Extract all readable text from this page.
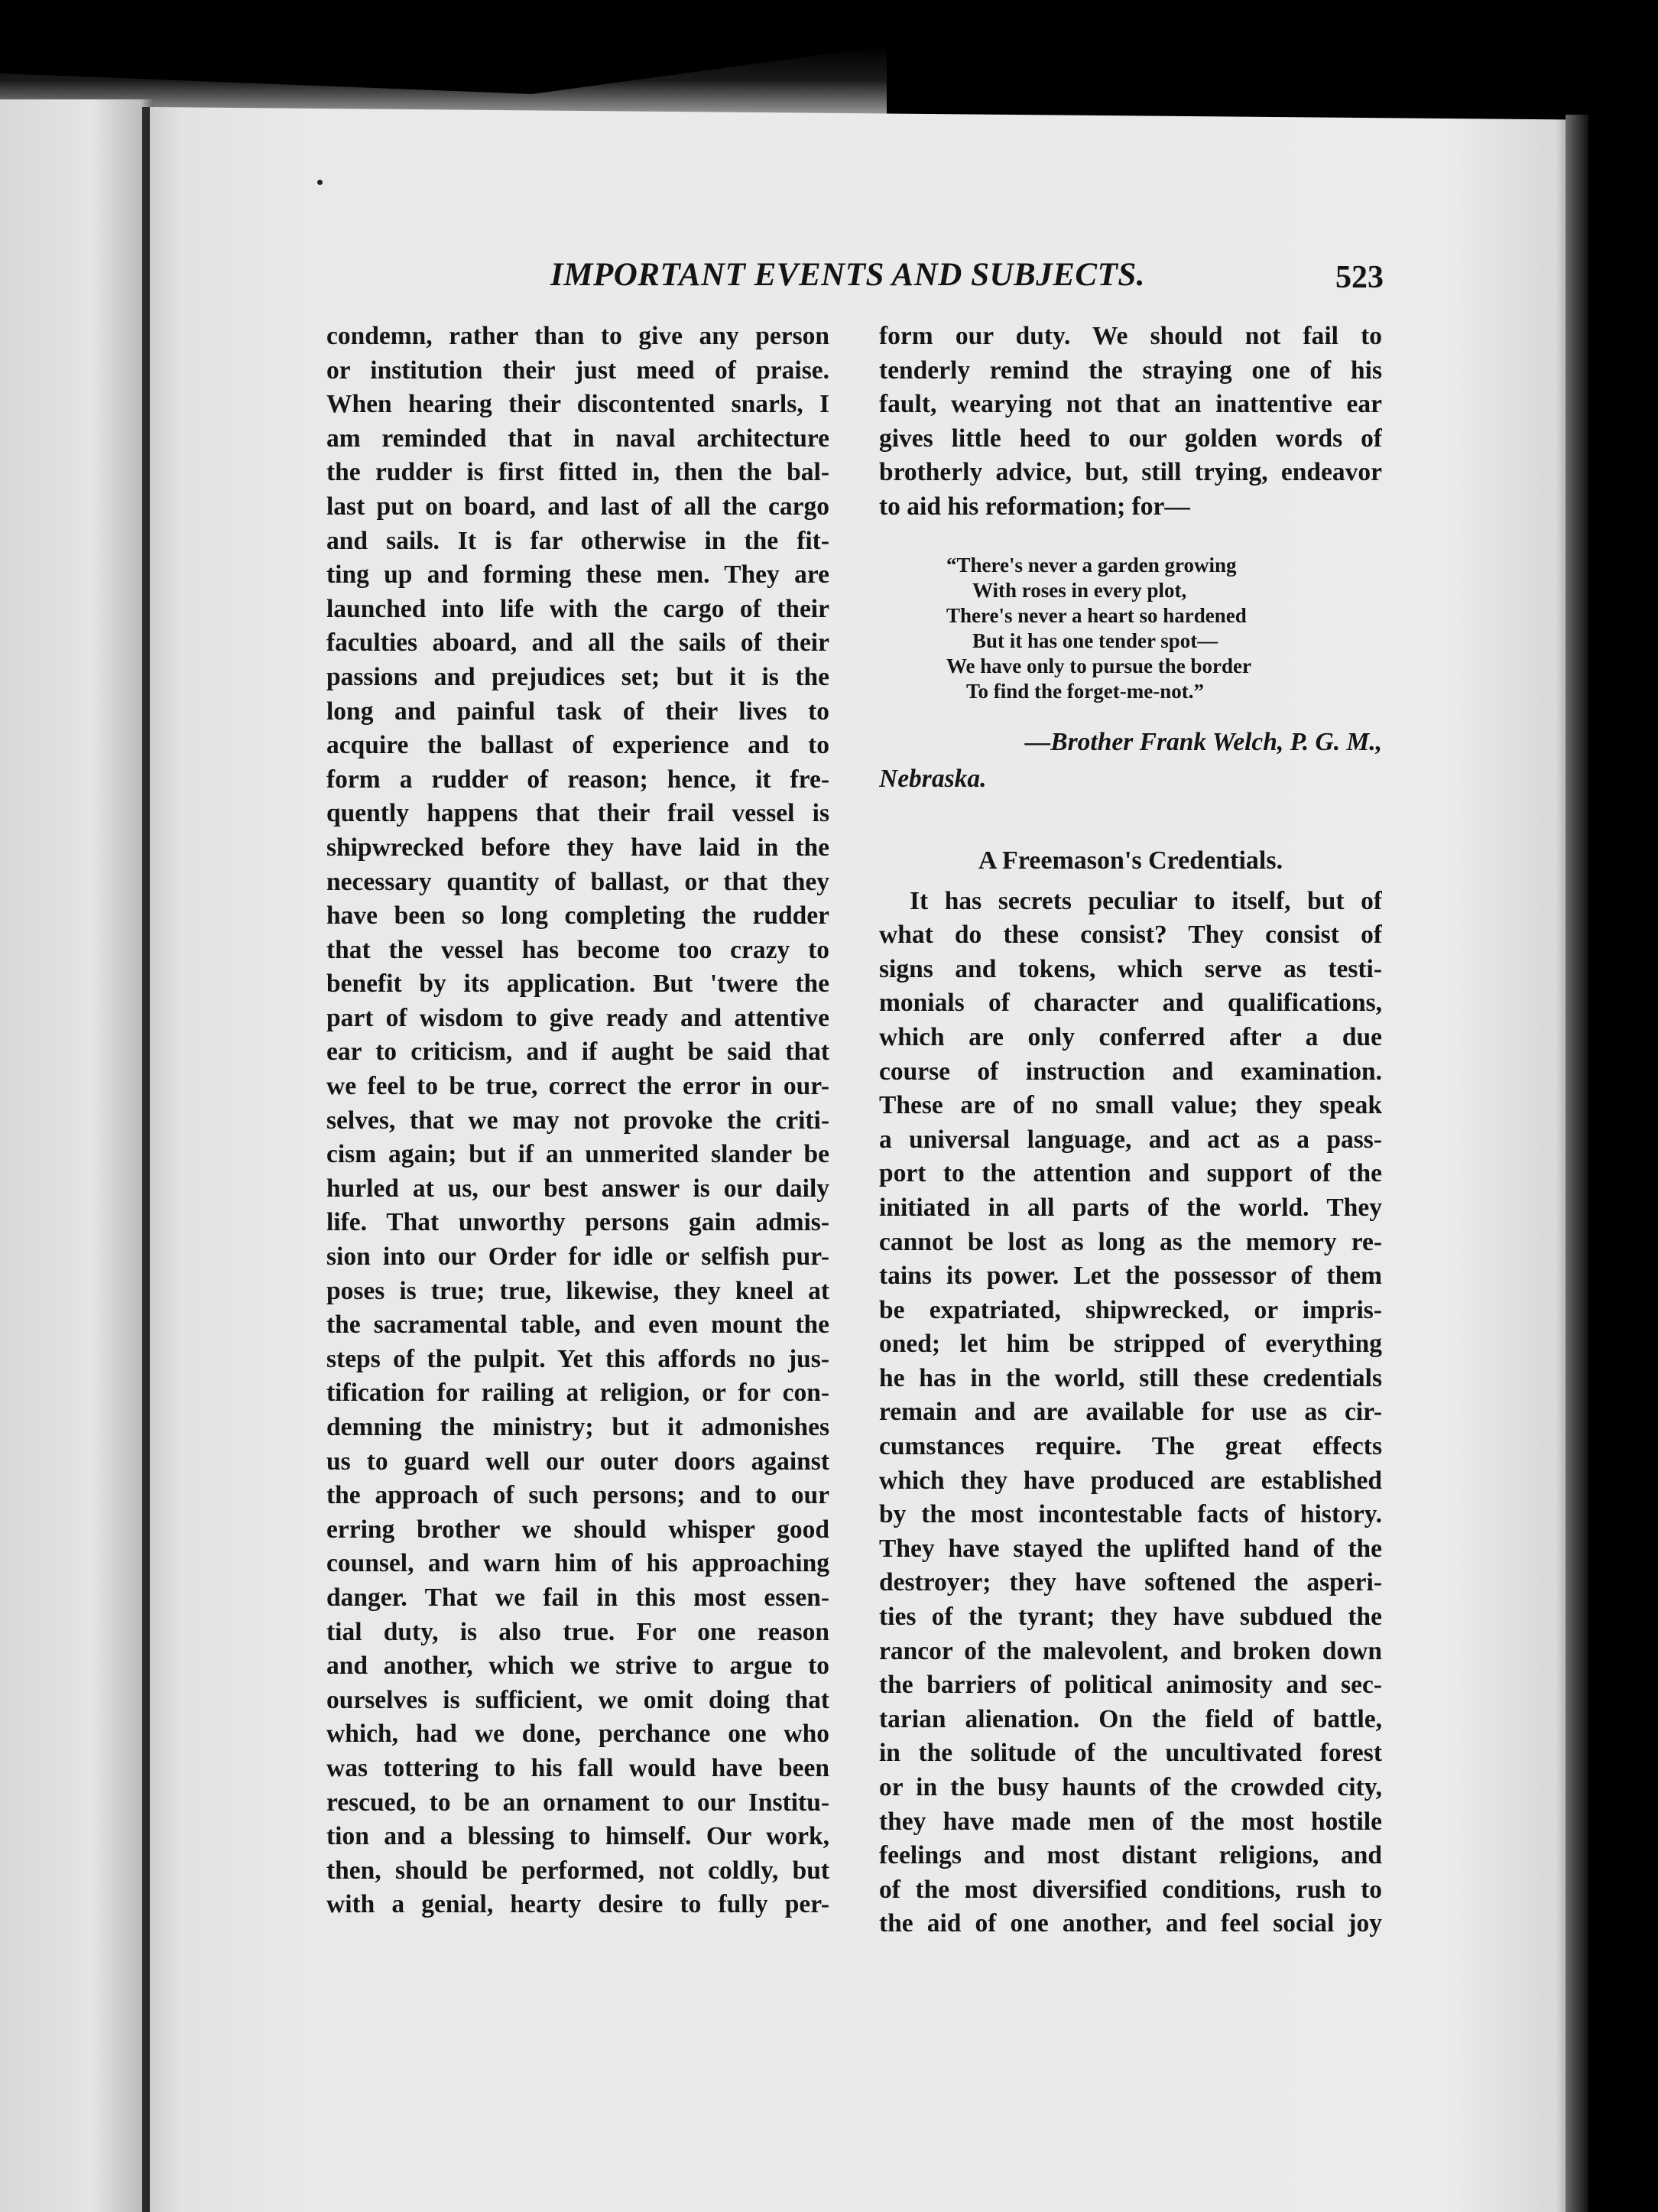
IMPORTANT EVENTS AND SUBJECTS.	523
condemn, rather than to give any person
or institution their just meed of praise.
When hearing their discontented snarls, I
am reminded that in naval architecture
the rudder is first fitted in, then the bal-
last put on board, and last of all the cargo
and sails. It is far otherwise in the fit-
ting up and forming these men. They are
launched into life with the cargo of their
faculties aboard, and all the sails of their
passions and prejudices set; but it is the
long and painful task of their lives to
acquire the ballast of experience and to
form a rudder of reason; hence, it fre-
quently happens that their frail vessel is
shipwrecked before they have laid in the
necessary quantity of ballast, or that they
have been so long completing the rudder
that the vessel has become too crazy to
benefit by its application. But 'twere the
part of wisdom to give ready and attentive
ear to criticism, and if aught be said that
we feel to be true, correct the error in our-
selves, that we may not provoke the criti-
cism again; but if an unmerited slander be
hurled at us, our best answer is our daily
life. That unworthy persons gain admis-
sion into our Order for idle or selfish pur-
poses is true; true, likewise, they kneel at
the sacramental table, and even mount the
steps of the pulpit. Yet this affords no jus-
tification for railing at religion, or for con-
demning the ministry; but it admonishes
us to guard well our outer doors against
the approach of such persons; and to our
erring brother we should whisper good
counsel, and warn him of his approaching
danger. That we fail in this most essen-
tial duty, is also true. For one reason
and another, which we strive to argue to
ourselves is sufficient, we omit doing that
which, had we done, perchance one who
was tottering to his fall would have been
rescued, to be an ornament to our Institu-
tion and a blessing to himself. Our work,
then, should be performed, not coldly, but
with a genial, hearty desire to fully per-
form our duty. We should not fail to
tenderly remind the straying one of his
fault, wearying not that an inattentive ear
gives little heed to our golden words of
brotherly advice, but, still trying, endeavor
to aid his reformation; for—
“There's never a garden growing
With roses in every plot,
There's never a heart so hardened
But it has one tender spot—
We have only to pursue the border
To find the forget-me-not.”
—Brother Frank Welch, P. G. M.,
Nebraska.
A Freemason's Credentials.
It has secrets peculiar to itself, but of
what do these consist? They consist of
signs and tokens, which serve as testi-
monials of character and qualifications,
which are only conferred after a due
course of instruction and examination.
These are of no small value; they speak
a universal language, and act as a pass-
port to the attention and support of the
initiated in all parts of the world. They
cannot be lost as long as the memory re-
tains its power. Let the possessor of them
be expatriated, shipwrecked, or impris-
oned; let him be stripped of everything
he has in the world, still these credentials
remain and are available for use as cir-
cumstances require. The great effects
which they have produced are established
by the most incontestable facts of history.
They have stayed the uplifted hand of the
destroyer; they have softened the asperi-
ties of the tyrant; they have subdued the
rancor of the malevolent, and broken down
the barriers of political animosity and sec-
tarian alienation. On the field of battle,
in the solitude of the uncultivated forest
or in the busy haunts of the crowded city,
they have made men of the most hostile
feelings and most distant religions, and
of the most diversified conditions, rush to
the aid of one another, and feel social joy
